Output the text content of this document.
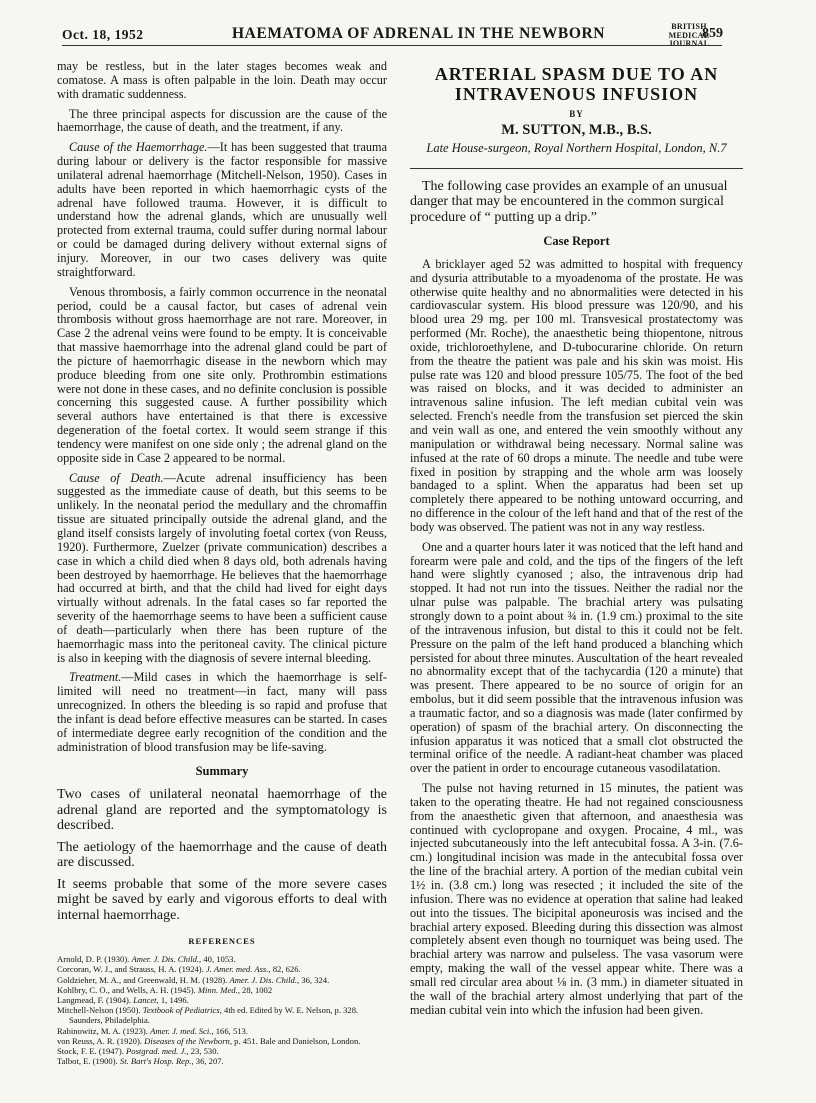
Oct. 18, 1952	HAEMATOMA OF ADRENAL IN THE NEWBORN	BRITISH
MEDICAL JOURNAL
859

may be restless, but in the later stages becomes weak and comatose. A mass is often palpable in the loin. Death may occur with dramatic suddenness.

The three principal aspects for discussion are the cause of the haemorrhage, the cause of death, and the treatment, if any.

Cause of the Haemorrhage.—It has been suggested that trauma during labour or delivery is the factor responsible for massive unilateral adrenal haemorrhage (Mitchell-Nelson, 1950). Cases in adults have been reported in which haemorrhagic cysts of the adrenal have followed trauma. However, it is difficult to understand how the adrenal glands, which are unusually well protected from external trauma, could suffer during normal labour or could be damaged during delivery without external signs of injury. Moreover, in our two cases delivery was quite straightforward.

Venous thrombosis, a fairly common occurrence in the neonatal period, could be a causal factor, but cases of adrenal vein thrombosis without gross haemorrhage are not rare. Moreover, in Case 2 the adrenal veins were found to be empty. It is conceivable that massive haemorrhage into the adrenal gland could be part of the picture of haemorrhagic disease in the newborn which may produce bleeding from one site only. Prothrombin estimations were not done in these cases, and no definite conclusion is possible concerning this suggested cause. A further possibility which several authors have entertained is that there is excessive degeneration of the foetal cortex. It would seem strange if this tendency were manifest on one side only ; the adrenal gland on the opposite side in Case 2 appeared to be normal.

Cause of Death.—Acute adrenal insufficiency has been suggested as the immediate cause of death, but this seems to be unlikely. In the neonatal period the medullary and the chromaffin tissue are situated principally outside the adrenal gland, and the gland itself consists largely of involuting foetal cortex (von Reuss, 1920). Furthermore, Zuelzer (private communication) describes a case in which a child died when 8 days old, both adrenals having been destroyed by haemorrhage. He believes that the haemorrhage had occurred at birth, and that the child had lived for eight days virtually without adrenals. In the fatal cases so far reported the severity of the haemorrhage seems to have been a sufficient cause of death—particularly when there has been rupture of the haemorrhagic mass into the peritoneal cavity. The clinical picture is also in keeping with the diagnosis of severe internal bleeding.

Treatment.—Mild cases in which the haemorrhage is self-limited will need no treatment—in fact, many will pass unrecognized. In others the bleeding is so rapid and profuse that the infant is dead before effective measures can be started. In cases of intermediate degree early recognition of the condition and the administration of blood transfusion may be life-saving.

Summary

Two cases of unilateral neonatal haemorrhage of the adrenal gland are reported and the symptomatology is described.

The aetiology of the haemorrhage and the cause of death are discussed.

It seems probable that some of the more severe cases might be saved by early and vigorous efforts to deal with internal haemorrhage.

REFERENCES
Arnold, D. P. (1930). Amer. J. Dis. Child., 40, 1053.
Corcoran, W. J., and Strauss, H. A. (1924). J. Amer. med. Ass., 82, 626.
Goldzieher, M. A., and Greenwald, H. M. (1928). Amer. J. Dis. Child., 36, 324.
Kohlbry, C. O., and Wells, A. H. (1945). Minn. Med., 28, 1002
Langmead, F. (1904). Lancet, 1, 1496.
Mitchell-Nelson (1950). Textbook of Pediatrics, 4th ed. Edited by W. E. Nelson, p. 328. Saunders, Philadelphia.
Rabinowitz, M. A. (1923). Amer. J. med. Sci., 166, 513.
von Reuss, A. R. (1920). Diseases of the Newborn, p. 451. Bale and Danielson, London.
Stock, F. E. (1947). Postgrad. med. J., 23, 530.
Talbot, E. (1900). St. Bart's Hosp. Rep., 36, 207.
ARTERIAL SPASM DUE TO AN
INTRAVENOUS INFUSION
BY
M. SUTTON, M.B., B.S.
Late House-surgeon, Royal Northern Hospital, London, N.7

The following case provides an example of an unusual danger that may be encountered in the common surgical procedure of “ putting up a drip.”

Case Report

A bricklayer aged 52 was admitted to hospital with frequency and dysuria attributable to a myoadenoma of the prostate. He was otherwise quite healthy and no abnormalities were detected in his cardiovascular system. His blood pressure was 120/90, and his blood urea 29 mg. per 100 ml. Transvesical prostatectomy was performed (Mr. Roche), the anaesthetic being thiopentone, nitrous oxide, trichloroethylene, and D-tubocurarine chloride. On return from the theatre the patient was pale and his skin was moist. His pulse rate was 120 and blood pressure 105/75. The foot of the bed was raised on blocks, and it was decided to administer an intravenous saline infusion. The left median cubital vein was selected. French's needle from the transfusion set pierced the skin and vein wall as one, and entered the vein smoothly without any manipulation or withdrawal being necessary. Normal saline was infused at the rate of 60 drops a minute. The needle and tube were fixed in position by strapping and the whole arm was loosely bandaged to a splint. When the apparatus had been set up completely there appeared to be nothing untoward occurring, and no difference in the colour of the left hand and that of the rest of the body was observed. The patient was not in any way restless.

One and a quarter hours later it was noticed that the left hand and forearm were pale and cold, and the tips of the fingers of the left hand were slightly cyanosed ; also, the intravenous drip had stopped. It had not run into the tissues. Neither the radial nor the ulnar pulse was palpable. The brachial artery was pulsating strongly down to a point about ¾ in. (1.9 cm.) proximal to the site of the intravenous infusion, but distal to this it could not be felt. Pressure on the palm of the left hand produced a blanching which persisted for about three minutes. Auscultation of the heart revealed no abnormality except that of the tachycardia (120 a minute) that was present. There appeared to be no source of origin for an embolus, but it did seem possible that the intravenous infusion was a traumatic factor, and so a diagnosis was made (later confirmed by operation) of spasm of the brachial artery. On disconnecting the infusion apparatus it was noticed that a small clot obstructed the terminal orifice of the needle. A radiant-heat chamber was placed over the patient in order to encourage cutaneous vasodilatation.

The pulse not having returned in 15 minutes, the patient was taken to the operating theatre. He had not regained consciousness from the anaesthetic given that afternoon, and anaesthesia was continued with cyclopropane and oxygen. Procaine, 4 ml., was injected subcutaneously into the left antecubital fossa. A 3-in. (7.6-cm.) longitudinal incision was made in the antecubital fossa over the line of the brachial artery. A portion of the median cubital vein 1½ in. (3.8 cm.) long was resected ; it included the site of the infusion. There was no evidence at operation that saline had leaked out into the tissues. The bicipital aponeurosis was incised and the brachial artery exposed. Bleeding during this dissection was almost completely absent even though no tourniquet was being used. The brachial artery was narrow and pulseless. The vasa vasorum were empty, making the wall of the vessel appear white. There was a small red circular area about ⅛ in. (3 mm.) in diameter situated in the wall of the brachial artery almost underlying that part of the median cubital vein into which the infusion had been given.
